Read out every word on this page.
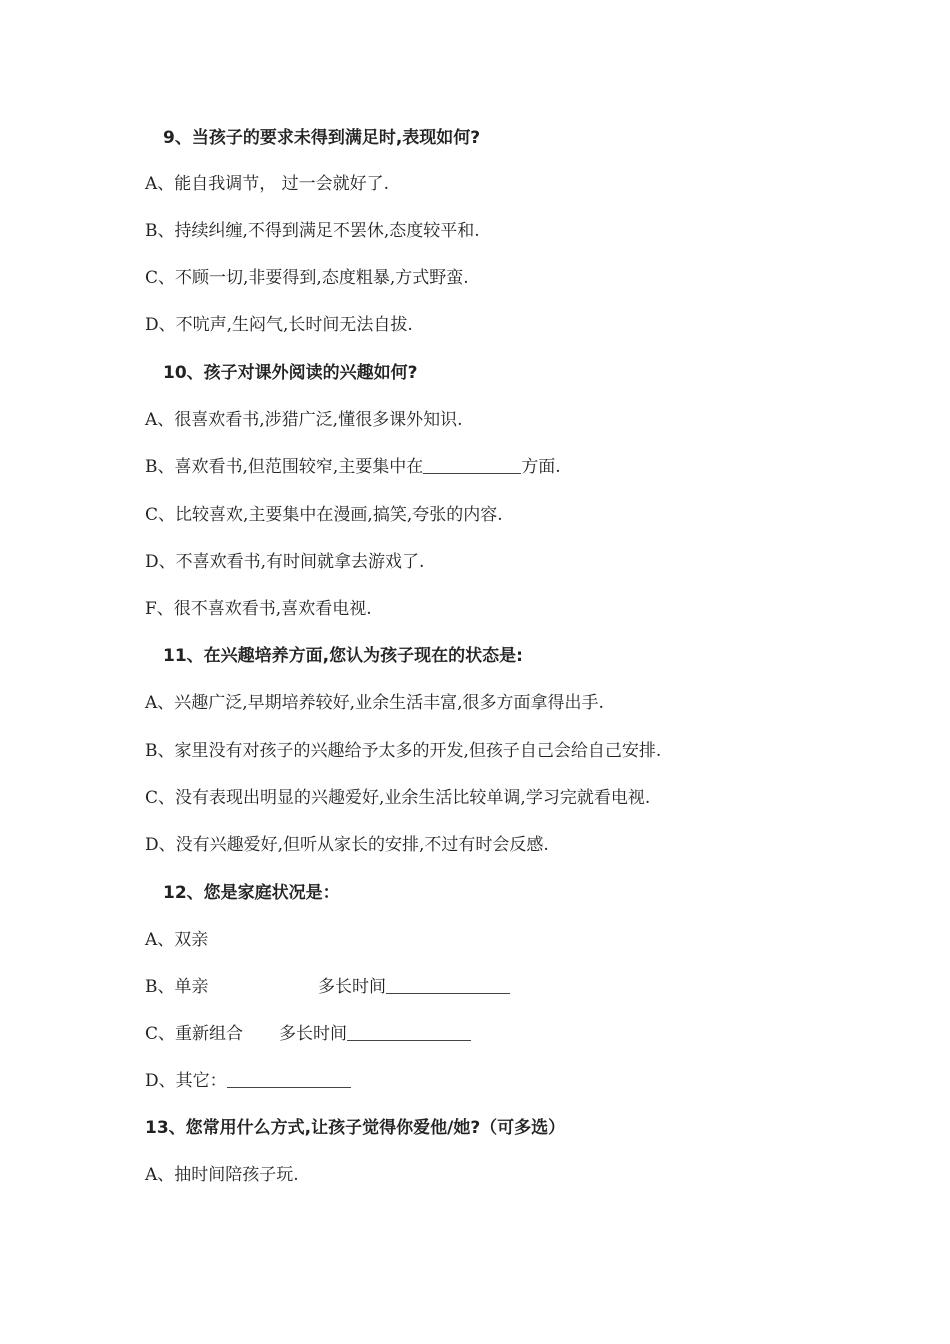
9、当孩子的要求未得到满足时,表现如何?
A、能自我调节， 过一会就好了.
B、持续纠缠,不得到满足不罢休,态度较平和.
C、不顾一切,非要得到,态度粗暴,方式野蛮.
D、不吭声,生闷气,长时间无法自拔.
10、孩子对课外阅读的兴趣如何?
A、很喜欢看书,涉猎广泛,懂很多课外知识.
B、喜欢看书,但范围较窄,主要集中在	方面.
C、比较喜欢,主要集中在漫画,搞笑,夸张的内容.
D、不喜欢看书,有时间就拿去游戏了.
F、很不喜欢看书,喜欢看电视.
11、在兴趣培养方面,您认为孩子现在的状态是:
A、兴趣广泛,早期培养较好,业余生活丰富,很多方面拿得出手.
B、家里没有对孩子的兴趣给予太多的开发,但孩子自己会给自己安排.
C、没有表现出明显的兴趣爱好,业余生活比较单调,学习完就看电视.
D、没有兴趣爱好,但听从家长的安排,不过有时会反感.
12、您是家庭状况是：
A、双亲
B、单亲	多长时间
C、重新组合 多长时间
D、其它：
13、您常用什么方式,让孩子觉得你爱他/她?（可多选）
A、抽时间陪孩子玩.
